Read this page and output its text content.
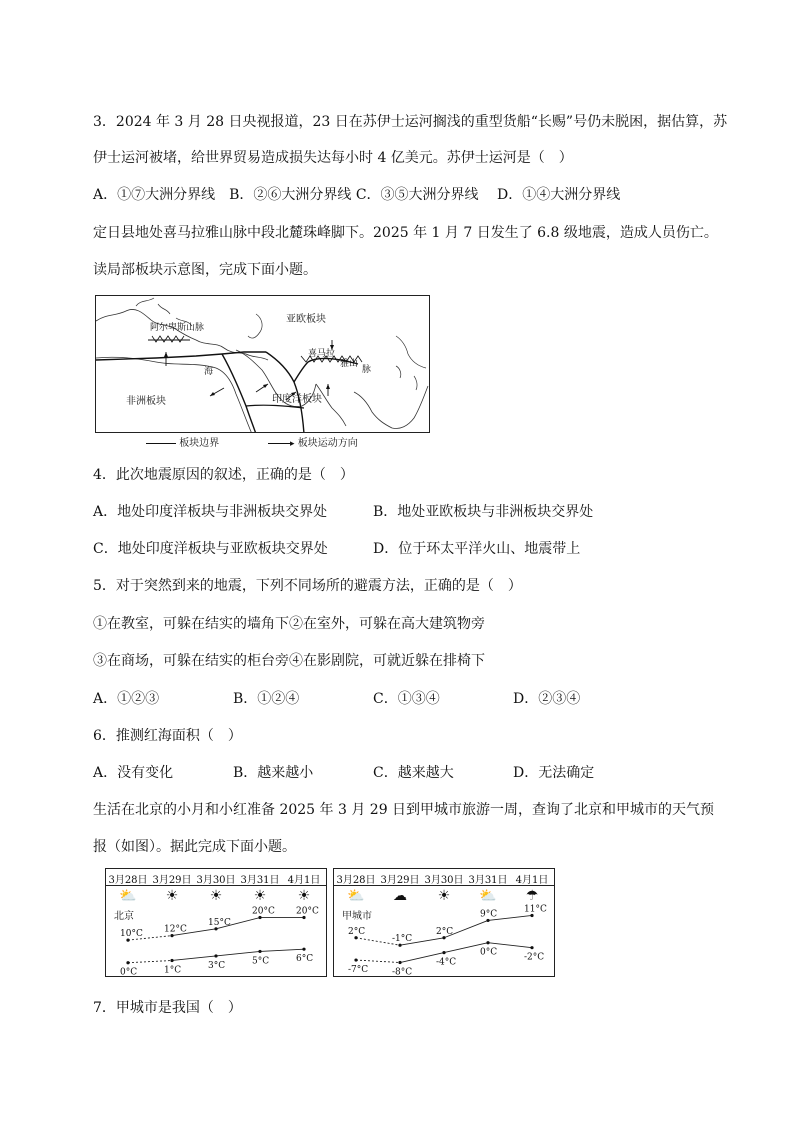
3．2024 年 3 月 28 日央视报道，23 日在苏伊士运河搁浅的重型货船“长赐”号仍未脱困，据估算，苏
伊士运河被堵，给世界贸易造成损失达每小时 4 亿美元。苏伊士运河是（　）
A．①⑦大洲分界线　B．②⑥大洲分界线 C．③⑤大洲分界线　 D．①④大洲分界线
定日县地处喜马拉雅山脉中段北麓珠峰脚下。2025 年 1 月 7 日发生了 6.8 级地震，造成人员伤亡。
读局部板块示意图，完成下面小题。
亚欧板块
阿尔卑斯山脉
喜马拉
雅山
脉
海
非洲板块	印度洋板块
板块边界	▸ 板块运动方向
4．此次地震原因的叙述，正确的是（　）
A．地处印度洋板块与非洲板块交界处	B．地处亚欧板块与非洲板块交界处
C．地处印度洋板块与亚欧板块交界处	D．位于环太平洋火山、地震带上
5．对于突然到来的地震，下列不同场所的避震方法，正确的是（　）
①在教室，可躲在结实的墙角下②在室外，可躲在高大建筑物旁
③在商场，可躲在结实的柜台旁④在影剧院，可就近躲在排椅下
A．①②③	B．①②④	C．①③④	D．②③④
6．推测红海面积（　）
A．没有变化	B．越来越小	C．越来越大	D．无法确定
生活在北京的小月和小红准备 2025 年 3 月 29 日到甲城市旅游一周，查询了北京和甲城市的天气预
报（如图）。据此完成下面小题。
3月28日 3月29日 3月30日 3月31日 4月1日
⛅ ☀ ☀ ☀ ☀
北京
10°C 12°C
15°C
20°C 20°C
0°C	1°C	3°C	5°C	6°C
3月28日 3月29日 3月30日 3月31日 4月1日
⛅ ☁ ☀ ⛅ ☂
甲城市
2°C
-1°C
2°C
9°C	11°C
-7°C	-8°C
-4°C
0°C	-2°C
7．甲城市是我国（　）
